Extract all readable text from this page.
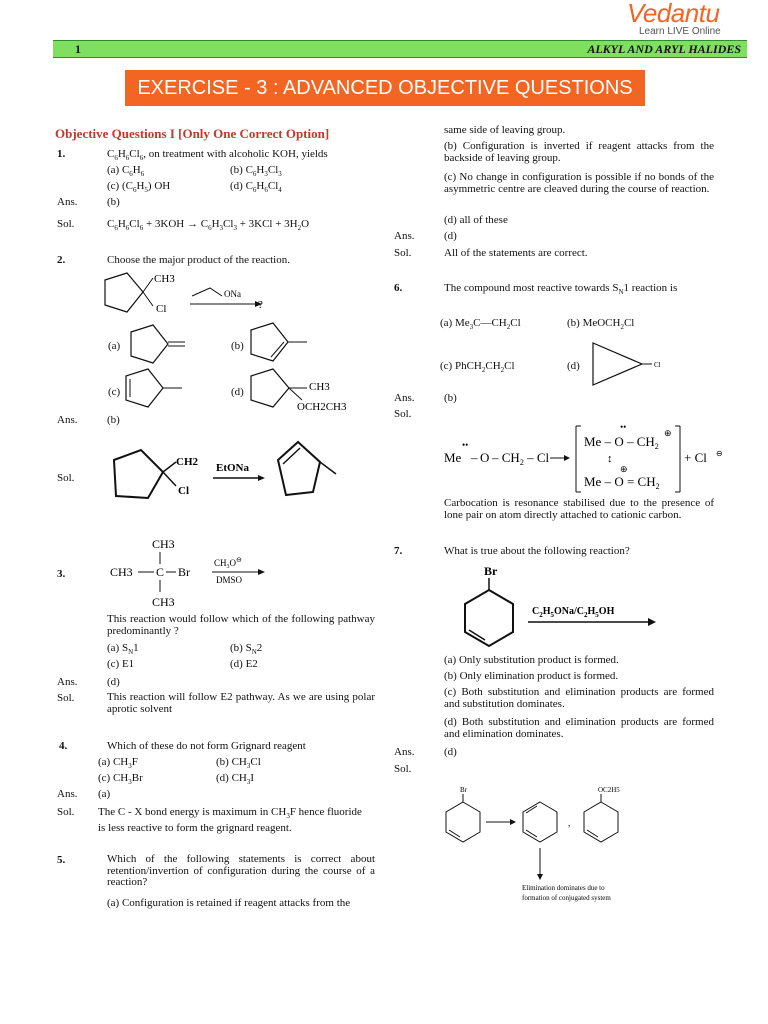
Vedantu
Learn LIVE Online
1	ALKYL AND ARYL HALIDES
EXERCISE - 3 : ADVANCED OBJECTIVE QUESTIONS
Objective Questions I [Only One Correct Option]
1.	$C_6H_6Cl_6$, on treatment with alcoholic KOH, yields
(a) $C_6H_6$	(b) $C_6H_3Cl_3$
(c) $(C_6H_5)$ OH	(d) $C_6H_6Cl_4$
Ans.	(b)
Sol.	$C_6H_6Cl_6 + 3KOH \to C_6H_3Cl_3 + 3KCl + 3H_2O$
2.	Choose the major product of the reaction.
CH3
Cl
ONa
?
(a)	(b)
(c)	(d)	CH3
OCH2CH3
Ans.	(b)
Sol.
CH2
Cl
EtONa
3.
CH3
CH3 C Br
CH3
$CH_3O^⊖$
DMSO
This reaction would follow which of the following pathway predominantly ?
(a) $S_N1$	(b) $S_N2$
(c) E1	(d) E2
Ans.	(d)
Sol.	This reaction will follow E2 pathway. As we are using polar aprotic solvent
4.	Which of these do not form Grignard reagent
(a) $CH_3F$	(b) $CH_3Cl$
(c) $CH_3Br$	(d) $CH_3I$
Ans. (a)
Sol. The C - X bond energy is maximum in $CH_3F$ hence fluoride
is less reactive to form the grignard reagent.
5.	Which of the following statements is correct about retention/invertion of configuration during the course of a reaction?
(a) Configuration is retained if reagent attacks from the
same side of leaving group.
(b) Configuration is inverted if reagent attacks from the backside of leaving group.
(c) No change in configuration is possible if no bonds of the asymmetric centre are cleaved during the course of reaction.
(d) all of these
Ans.	(d)
Sol.	All of the statements are correct.
6.	The compound most reactive towards $S_N1$ reaction is
(a) $Me_3C—CH_2Cl$	(b) MeOCH$_2$Cl
(c) $PhCH_2CH_2Cl$	(d)	Cl
Ans.	(b)
Sol.
••
Me – O – $CH_2$ – Cl
••
Me – O – $CH_2$
⊕
↕
⊕
$Me - O = CH_2$
+ Cl ⊖
Carbocation is resonance stabilised due to the presence of lone pair on atom directly attached to cationic carbon.
7.	What is true about the following reaction?
Br
$C_2H_5ONa/C_2H_5OH$
(a) Only substitution product is formed.
(b) Only elimination product is formed.
(c) Both substitution and elimination products are formed and substitution dominates.
(d) Both substitution and elimination products are formed and elimination dominates.
Ans.	(d)
Sol.
Br
,
OC2H5
Elimination dominates due to
formation of conjugated system
